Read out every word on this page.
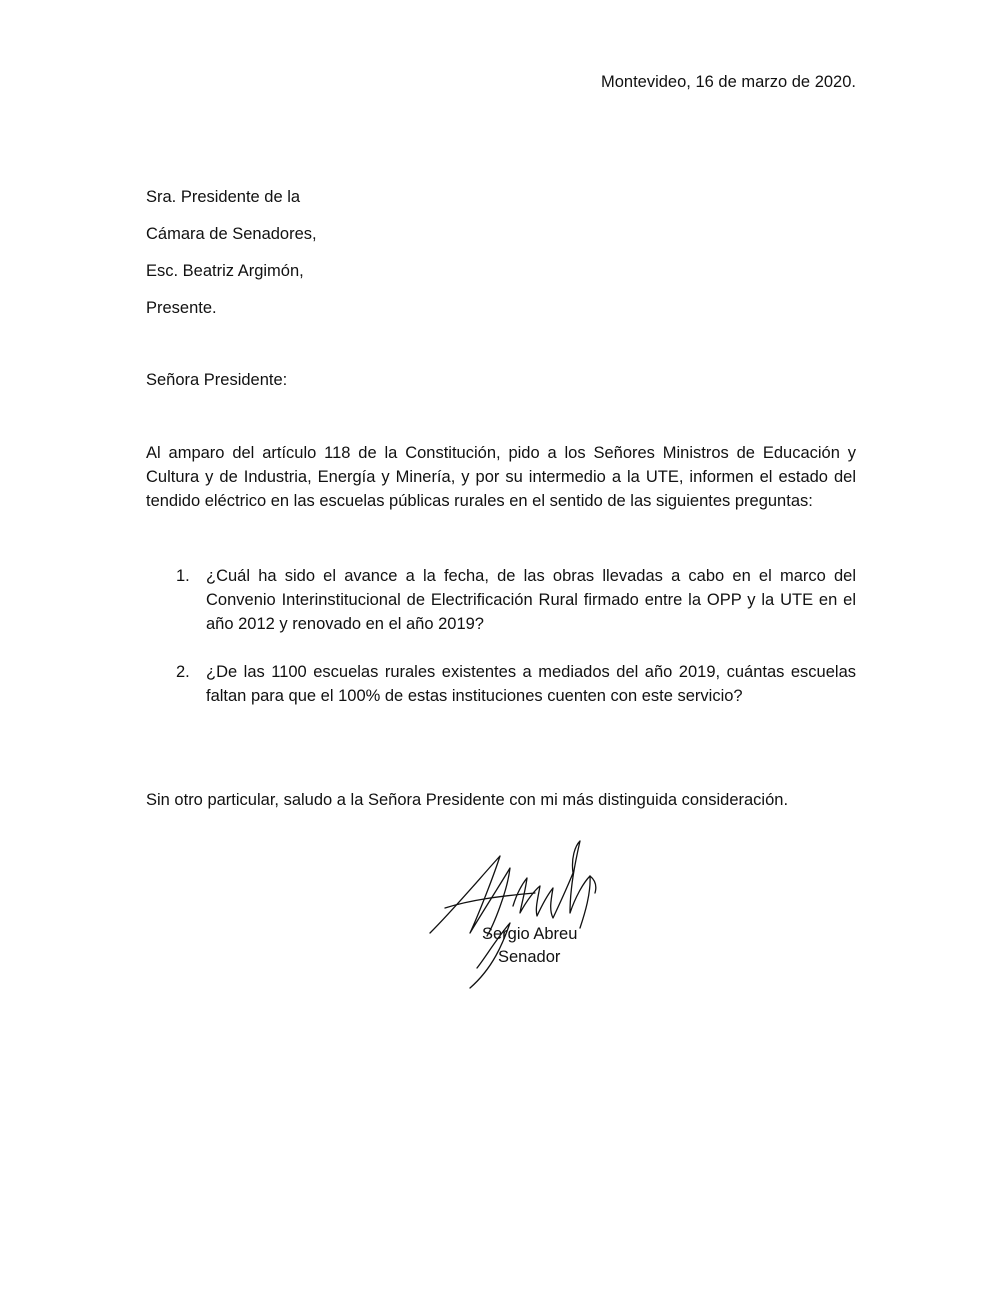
Montevideo, 16 de marzo de 2020.
Sra. Presidente de la
Cámara de Senadores,
Esc. Beatriz Argimón,
Presente.
Señora Presidente:
Al amparo del artículo 118 de la Constitución, pido a los Señores Ministros de Educación y Cultura y de Industria, Energía y Minería, y por su intermedio a la UTE, informen el estado del tendido eléctrico en las escuelas públicas rurales en el sentido de las siguientes preguntas:
1. ¿Cuál ha sido el avance a la fecha, de las obras llevadas a cabo en el marco del Convenio Interinstitucional de Electrificación Rural firmado entre la OPP y la UTE en el año 2012 y renovado en el año 2019?
2. ¿De las 1100 escuelas rurales existentes a mediados del año 2019, cuántas escuelas faltan para que el 100% de estas instituciones cuenten con este servicio?
Sin otro particular, saludo a la Señora Presidente con mi más distinguida consideración.
Sergio Abreu
Senador
